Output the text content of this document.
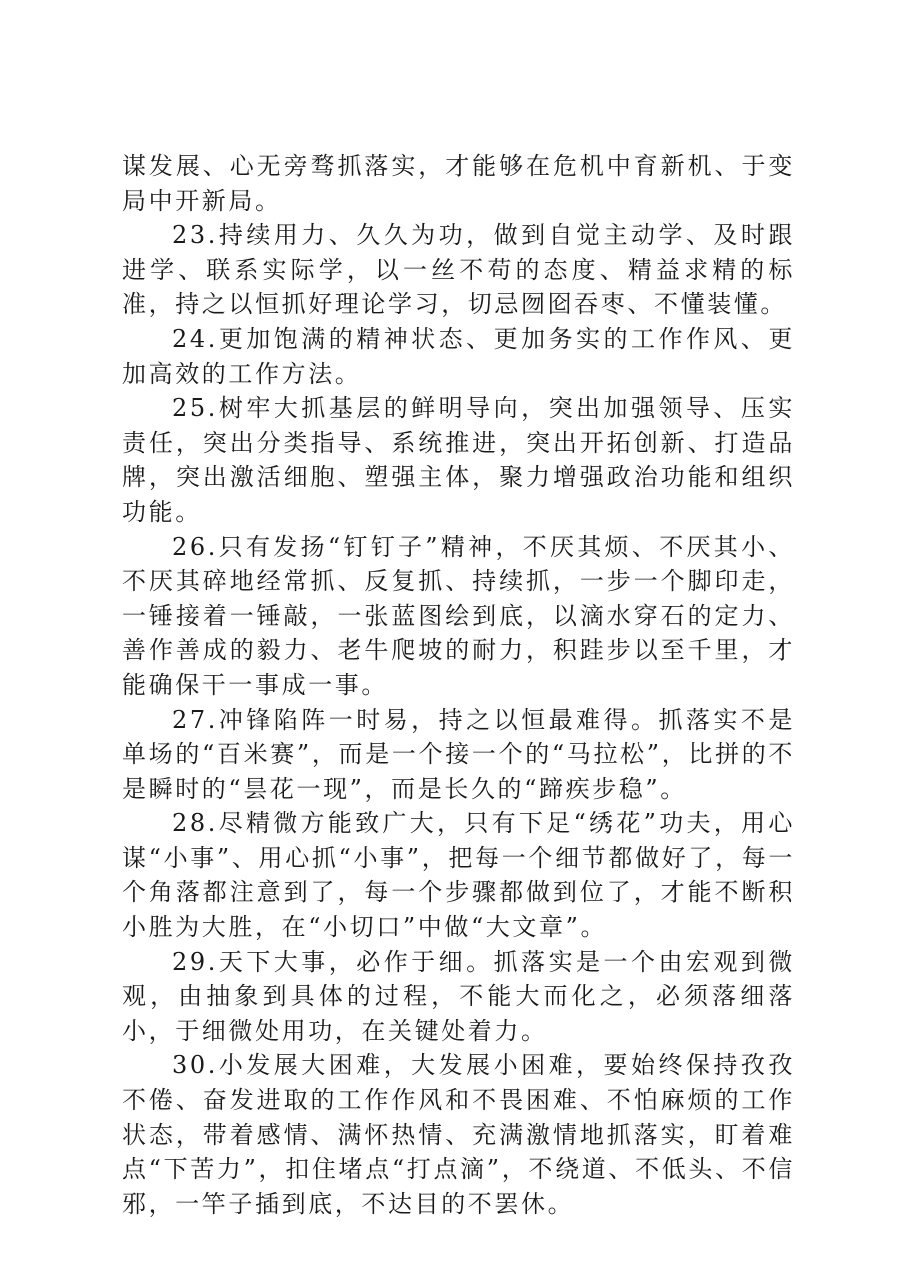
谋发展、心无旁骛抓落实，才能够在危机中育新机、于变局中开新局。

23.持续用力、久久为功，做到自觉主动学、及时跟进学、联系实际学，以一丝不苟的态度、精益求精的标准，持之以恒抓好理论学习，切忌囫囵吞枣、不懂装懂。

24.更加饱满的精神状态、更加务实的工作作风、更加高效的工作方法。

25.树牢大抓基层的鲜明导向，突出加强领导、压实责任，突出分类指导、系统推进，突出开拓创新、打造品牌，突出激活细胞、塑强主体，聚力增强政治功能和组织功能。

26.只有发扬“钉钉子”精神，不厌其烦、不厌其小、不厌其碎地经常抓、反复抓、持续抓，一步一个脚印走，一锤接着一锤敲，一张蓝图绘到底，以滴水穿石的定力、善作善成的毅力、老牛爬坡的耐力，积跬步以至千里，才能确保干一事成一事。

27.冲锋陷阵一时易，持之以恒最难得。抓落实不是单场的“百米赛”，而是一个接一个的“马拉松”，比拼的不是瞬时的“昙花一现”，而是长久的“蹄疾步稳”。

28.尽精微方能致广大，只有下足“绣花”功夫，用心谋“小事”、用心抓“小事”，把每一个细节都做好了，每一个角落都注意到了，每一个步骤都做到位了，才能不断积小胜为大胜，在“小切口”中做“大文章”。

29.天下大事，必作于细。抓落实是一个由宏观到微观，由抽象到具体的过程，不能大而化之，必须落细落小，于细微处用功，在关键处着力。

30.小发展大困难，大发展小困难，要始终保持孜孜不倦、奋发进取的工作作风和不畏困难、不怕麻烦的工作状态，带着感情、满怀热情、充满激情地抓落实，盯着难点“下苦力”，扣住堵点“打点滴”，不绕道、不低头、不信邪，一竿子插到底，不达目的不罢休。
